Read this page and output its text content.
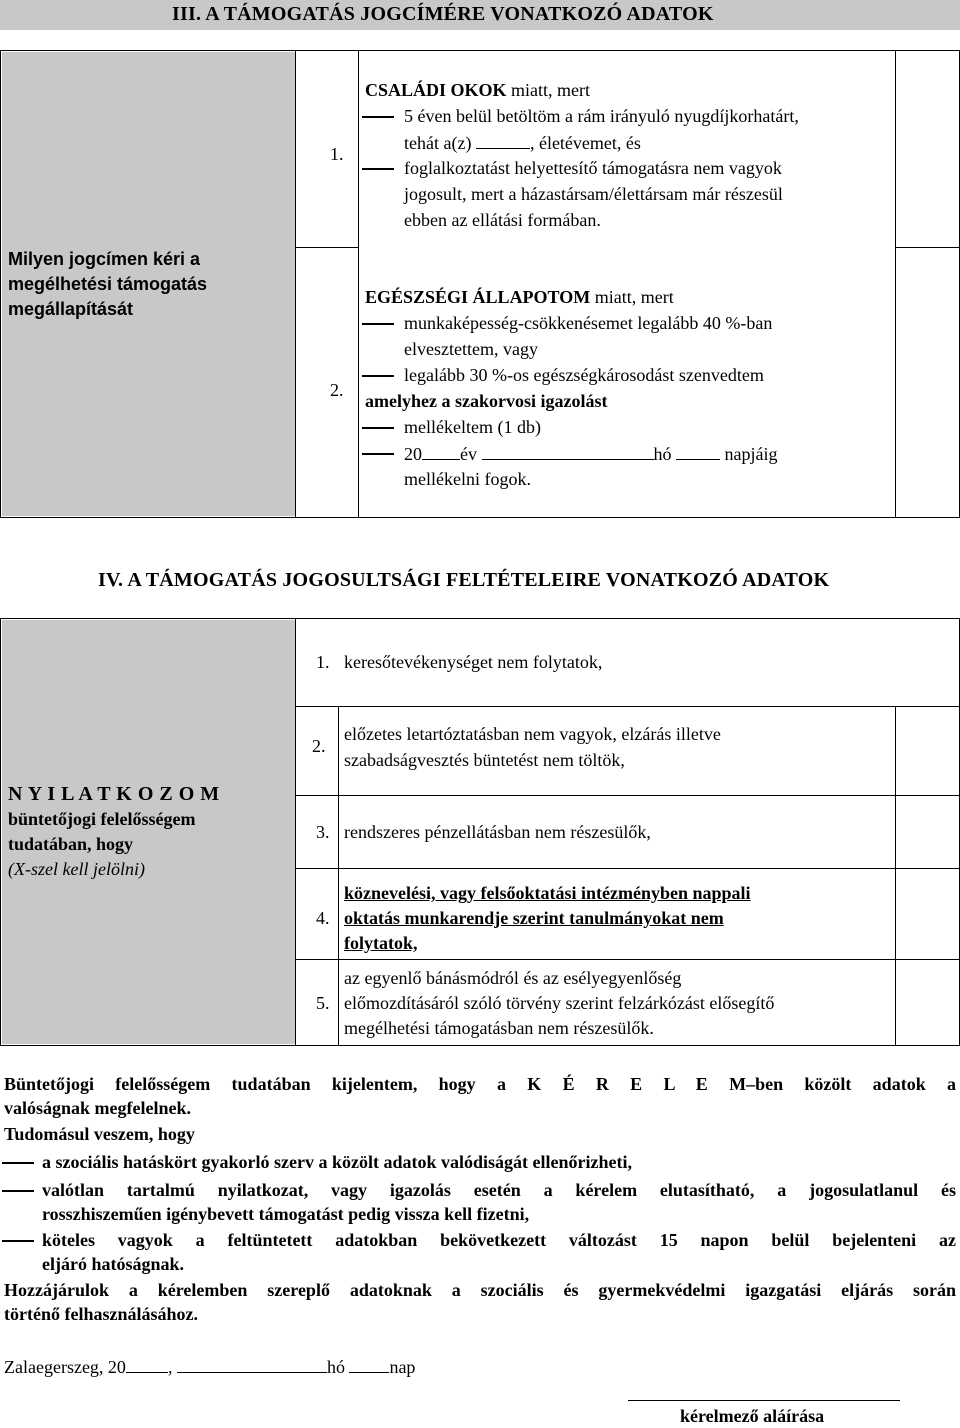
III. A TÁMOGATÁS JOGCÍMÉRE VONATKOZÓ ADATOK
Milyen jogcímen kéri a
megélhetési támogatás
megállapítását
1.
CSALÁDI OKOK miatt, mert
5 éven belül betöltöm a rám irányuló nyugdíjkorhatárt,
tehát a(z)	, életévemet, és
foglalkoztatást helyettesítő támogatásra nem vagyok
jogosult, mert a házastársam/élettársam már részesül
ebben az ellátási formában.
2.
EGÉSZSÉGI ÁLLAPOTOM miatt, mert
munkaképesség-csökkenésemet legalább 40 %-ban
elvesztettem, vagy
legalább 30 %-os egészségkárosodást szenvedtem
amelyhez a szakorvosi igazolást
mellékeltem (1 db)
20 év	hó	napjáig
mellékelni fogok.
IV. A TÁMOGATÁS JOGOSULTSÁGI FELTÉTELEIRE VONATKOZÓ ADATOK
N Y I L A T K O Z O M
büntetőjogi felelősségem
tudatában, hogy
(X-szel kell jelölni)
1. keresőtevékenységet nem folytatok,
2.
előzetes letartóztatásban nem vagyok, elzárás illetve
szabadságvesztés büntetést nem töltök,
3. rendszeres pénzellátásban nem részesülők,
4.
köznevelési, vagy felsőoktatási intézményben nappali
oktatás munkarendje szerint tanulmányokat nem
folytatok,
5.
az egyenlő bánásmódról és az esélyegyenlőség
előmozdításáról szóló törvény szerint felzárkózást elősegítő
megélhetési támogatásban nem részesülők.
Büntetőjogi felelősségem tudatában kijelentem, hogy a K É R E L E M–ben közölt adatok a
valóságnak megfelelnek.
Tudomásul veszem, hogy
a szociális hatáskört gyakorló szerv a közölt adatok valódiságát ellenőrizheti,
valótlan tartalmú nyilatkozat, vagy igazolás esetén a kérelem elutasítható, a jogosulatlanul és
rosszhiszeműen igénybevett támogatást pedig vissza kell fizetni,
köteles vagyok a feltüntetett adatokban bekövetkezett változást 15 napon belül bejelenteni az
eljáró hatóságnak.
Hozzájárulok a kérelemben szereplő adatoknak a szociális és gyermekvédelmi igazgatási eljárás során
történő felhasználásához.
Zalaegerszeg, 20 ,	hó nap
kérelmező aláírása
